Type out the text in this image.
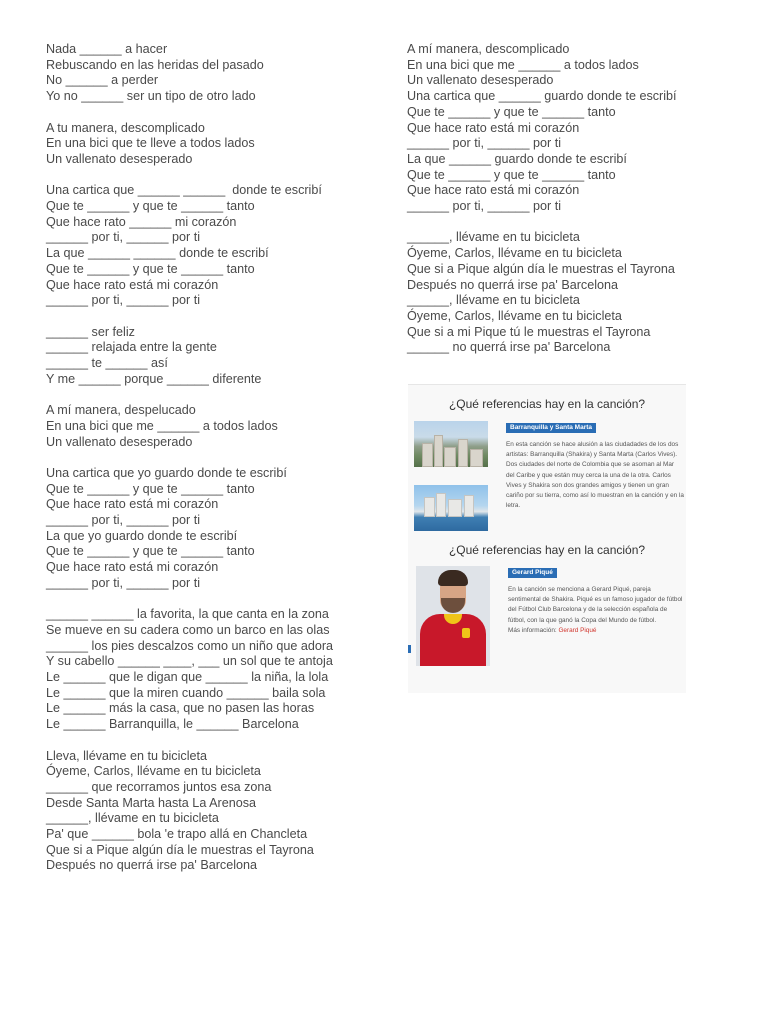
Nada ______ a hacer
Rebuscando en las heridas del pasado
No ______ a perder
Yo no ______ ser un tipo de otro lado
A tu manera, descomplicado
En una bici que te lleve a todos lados
Un vallenato desesperado
Una cartica que ______ ______  donde te escribí
Que te ______ y que te ______ tanto
Que hace rato ______ mi corazón
______ por ti, ______ por ti
La que ______ ______ donde te escribí
Que te ______ y que te ______ tanto
Que hace rato está mi corazón
______ por ti, ______ por ti
______ ser feliz
______ relajada entre la gente
______ te ______ así
Y me ______ porque ______ diferente
A mí manera, despelucado
En una bici que me ______ a todos lados
Un vallenato desesperado
Una cartica que yo guardo donde te escribí
Que te ______ y que te ______ tanto
Que hace rato está mi corazón
______ por ti, ______ por ti
La que yo guardo donde te escribí
Que te ______ y que te ______ tanto
Que hace rato está mi corazón
______ por ti, ______ por ti
______ ______ la favorita, la que canta en la zona
Se mueve en su cadera como un barco en las olas
______ los pies descalzos como un niño que adora
Y su cabello ______ ____, ___ un sol que te antoja
Le ______ que le digan que ______ la niña, la lola
Le ______ que la miren cuando ______ baila sola
Le ______ más la casa, que no pasen las horas
Le ______ Barranquilla, le ______ Barcelona
Lleva, llévame en tu bicicleta
Óyeme, Carlos, llévame en tu bicicleta
______ que recorramos juntos esa zona
Desde Santa Marta hasta La Arenosa
______, llévame en tu bicicleta
Pa' que ______ bola 'e trapo allá en Chancleta
Que si a Pique algún día le muestras el Tayrona
Después no querrá irse pa' Barcelona
A mí manera, descomplicado
En una bici que me ______ a todos lados
Un vallenato desesperado
Una cartica que ______ guardo donde te escribí
Que te ______ y que te ______ tanto
Que hace rato está mi corazón
______ por ti, ______ por ti
La que ______ guardo donde te escribí
Que te ______ y que te ______ tanto
Que hace rato está mi corazón
______ por ti, ______ por ti
______, llévame en tu bicicleta
Óyeme, Carlos, llévame en tu bicicleta
Que si a Pique algún día le muestras el Tayrona
Después no querrá irse pa' Barcelona
______, llévame en tu bicicleta
Óyeme, Carlos, llévame en tu bicicleta
Que si a mi Pique tú le muestras el Tayrona
______ no querrá irse pa' Barcelona
¿Qué referencias hay en la canción?
Barranquilla y Santa Marta
En esta canción se hace alusión a las ciudadades de los dos artistas: Barranquilla (Shakira) y Santa Marta (Carlos Vives). Dos ciudades del norte de Colombia que se asoman al Mar del Caribe y que están muy cerca la una de la otra. Carlos Vives y Shakira son dos grandes amigos y tienen un gran cariño por su tierra, como así lo muestran en la canción y en la letra.
¿Qué referencias hay en la canción?
Gerard Piqué
En la canción se menciona a Gerard Piqué, pareja sentimental de Shakira. Piqué es un famoso jugador de fútbol del Fútbol Club Barcelona y de la selección española de fútbol, con la que ganó la Copa del Mundo de fútbol.
Más información: Gerard Piqué
